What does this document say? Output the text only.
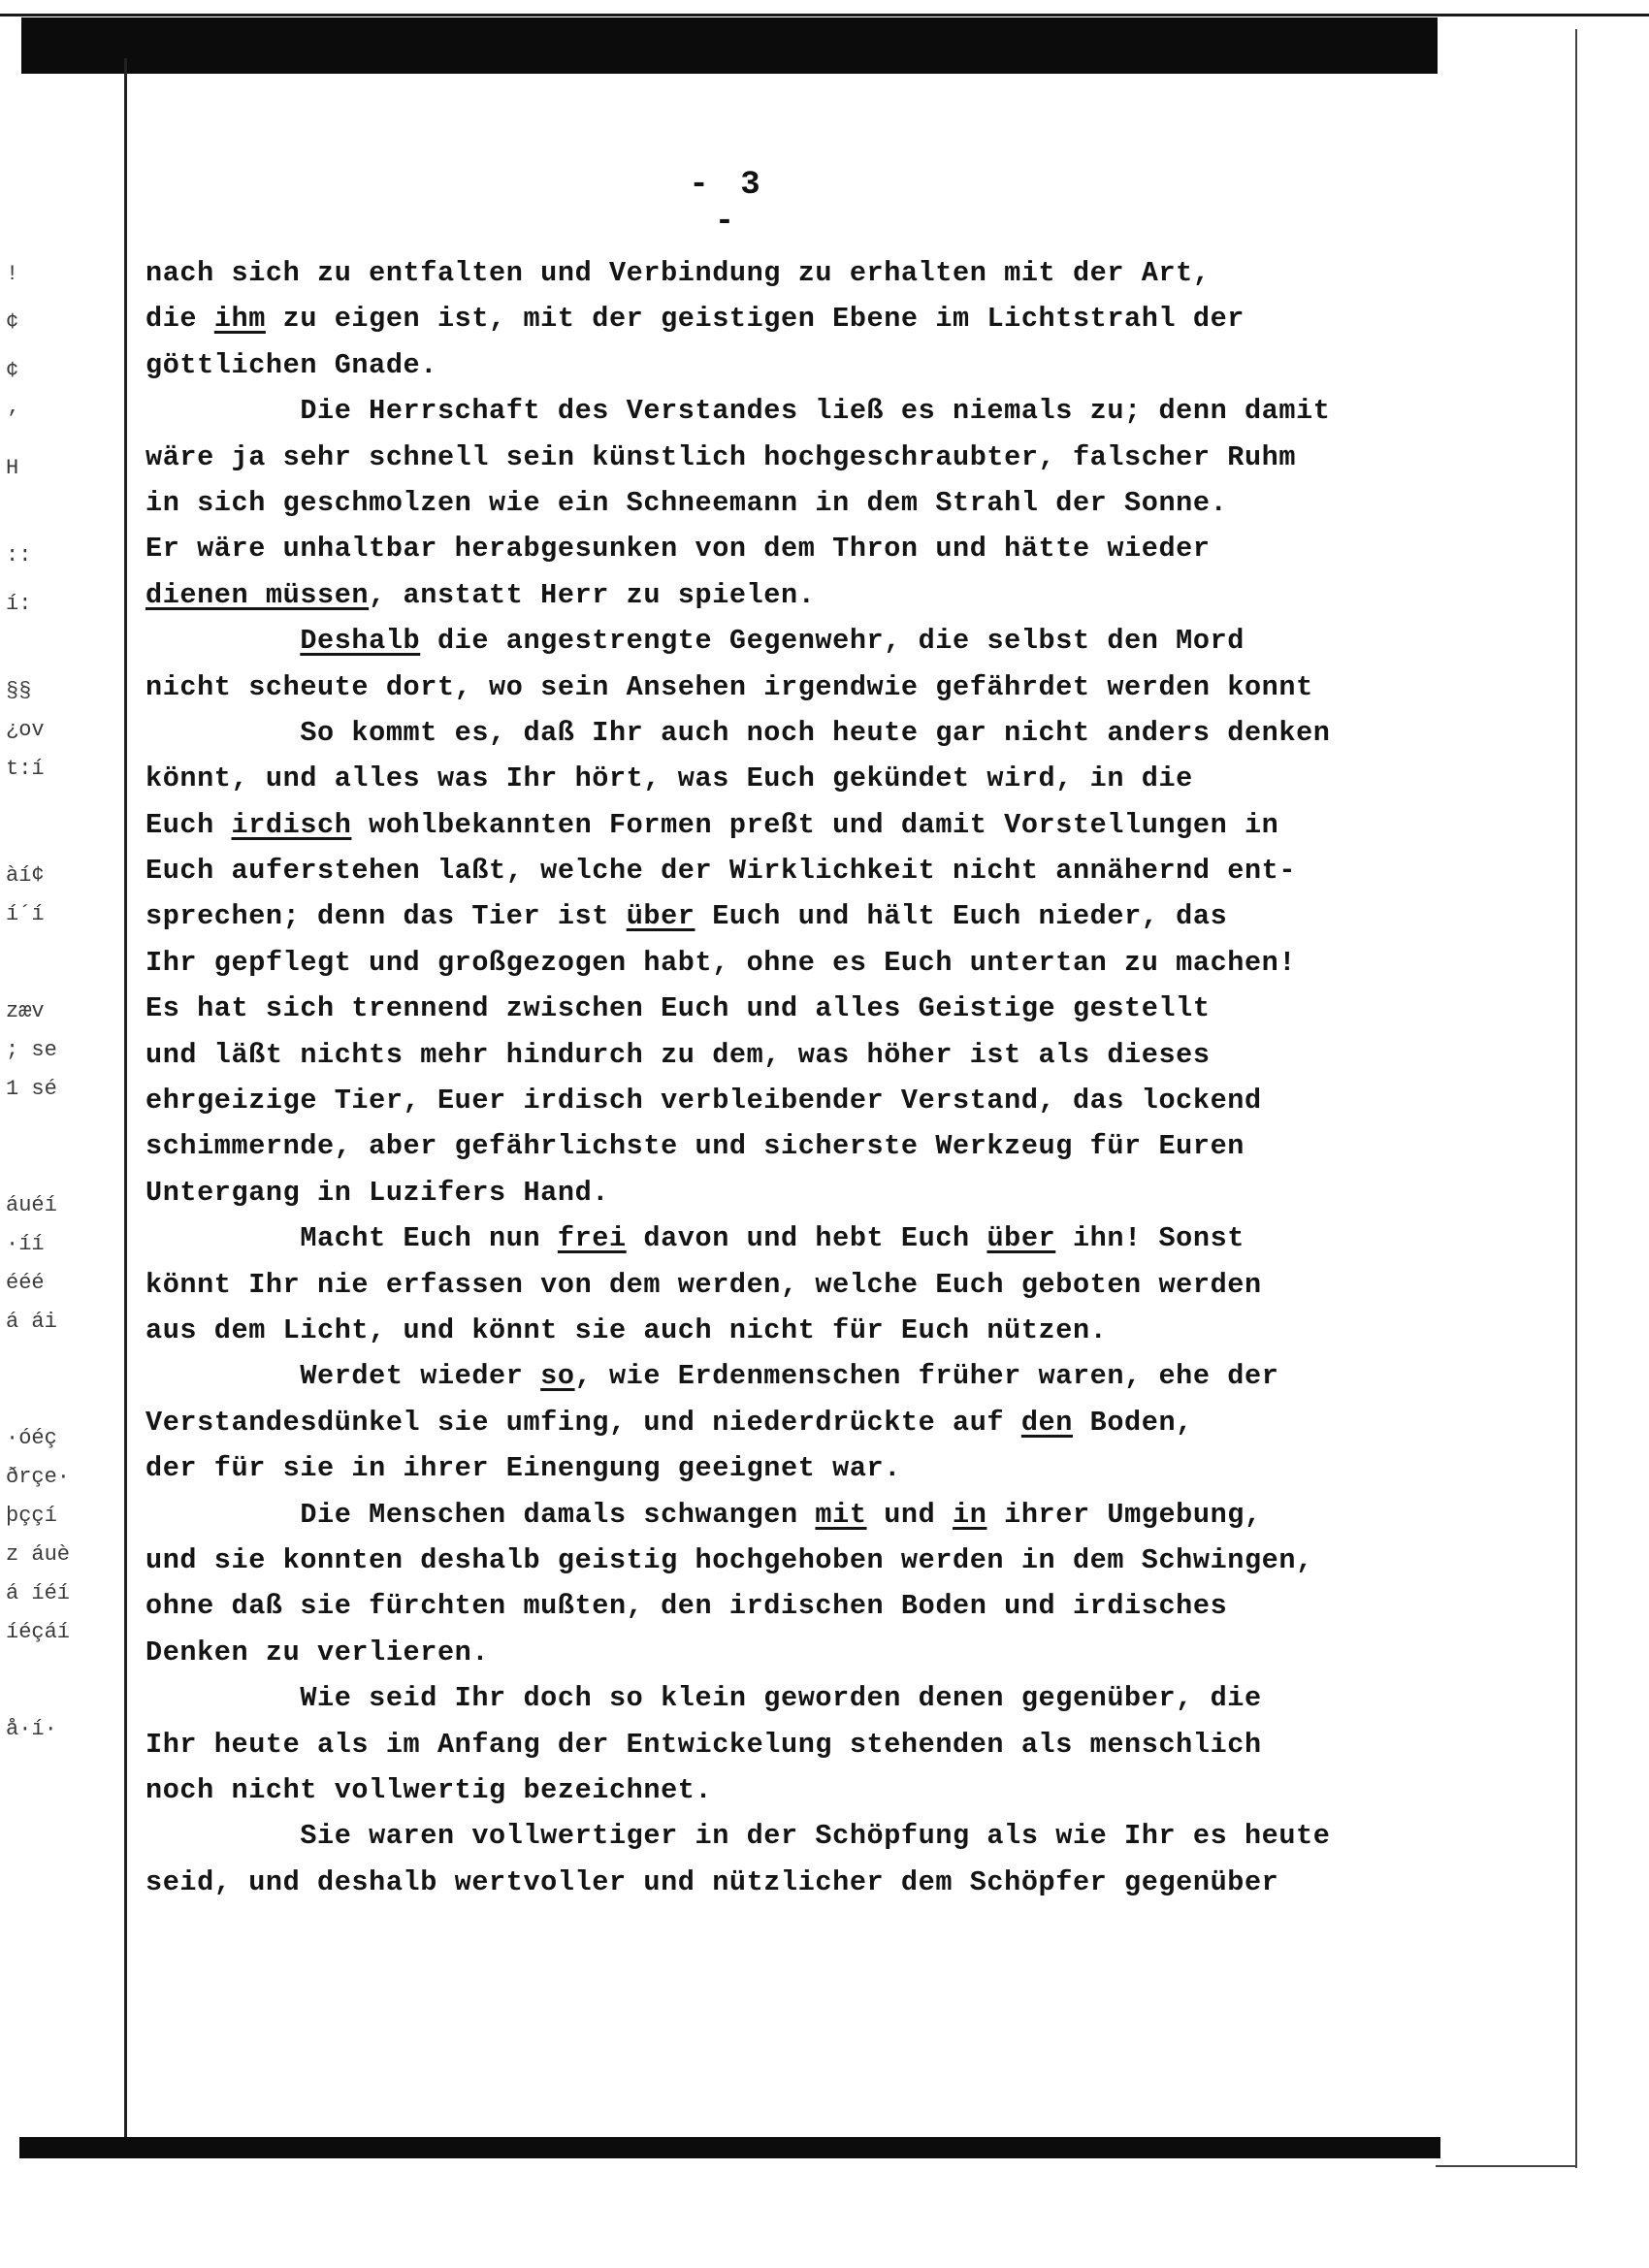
!
¢
¢
’
H
::
í:
§§
¿ov
t:í
àí¢
í´í
zæv
; se
1 sé
áuéí
·íí
ééé
á ái
·óéç
ðrçe·
þççí
z áuè
á íéí
íéçáí
å·í·
- 3 -
nach sich zu entfalten und Verbindung zu erhalten mit der Art,
die ihm zu eigen ist, mit der geistigen Ebene im Lichtstrahl der
göttlichen Gnade.
Die Herrschaft des Verstandes ließ es niemals zu; denn damit
wäre ja sehr schnell sein künstlich hochgeschraubter, falscher Ruhm
in sich geschmolzen wie ein Schneemann in dem Strahl der Sonne.
Er wäre unhaltbar herabgesunken von dem Thron und hätte wieder
dienen müssen, anstatt Herr zu spielen.
Deshalb die angestrengte Gegenwehr, die selbst den Mord
nicht scheute dort, wo sein Ansehen irgendwie gefährdet werden konnt
So kommt es, daß Ihr auch noch heute gar nicht anders denken
könnt, und alles was Ihr hört, was Euch gekündet wird, in die
Euch irdisch wohlbekannten Formen preßt und damit Vorstellungen in
Euch auferstehen laßt, welche der Wirklichkeit nicht annähernd ent-
sprechen; denn das Tier ist über Euch und hält Euch nieder, das
Ihr gepflegt und großgezogen habt, ohne es Euch untertan zu machen!
Es hat sich trennend zwischen Euch und alles Geistige gestellt
und läßt nichts mehr hindurch zu dem, was höher ist als dieses
ehrgeizige Tier, Euer irdisch verbleibender Verstand, das lockend
schimmernde, aber gefährlichste und sicherste Werkzeug für Euren
Untergang in Luzifers Hand.
Macht Euch nun frei davon und hebt Euch über ihn! Sonst
könnt Ihr nie erfassen von dem werden, welche Euch geboten werden
aus dem Licht, und könnt sie auch nicht für Euch nützen.
Werdet wieder so, wie Erdenmenschen früher waren, ehe der
Verstandesdünkel sie umfing, und niederdrückte auf den Boden,
der für sie in ihrer Einengung geeignet war.
Die Menschen damals schwangen mit und in ihrer Umgebung,
und sie konnten deshalb geistig hochgehoben werden in dem Schwingen,
ohne daß sie fürchten mußten, den irdischen Boden und irdisches
Denken zu verlieren.
Wie seid Ihr doch so klein geworden denen gegenüber, die
Ihr heute als im Anfang der Entwickelung stehenden als menschlich
noch nicht vollwertig bezeichnet.
Sie waren vollwertiger in der Schöpfung als wie Ihr es heute
seid, und deshalb wertvoller und nützlicher dem Schöpfer gegenüber
